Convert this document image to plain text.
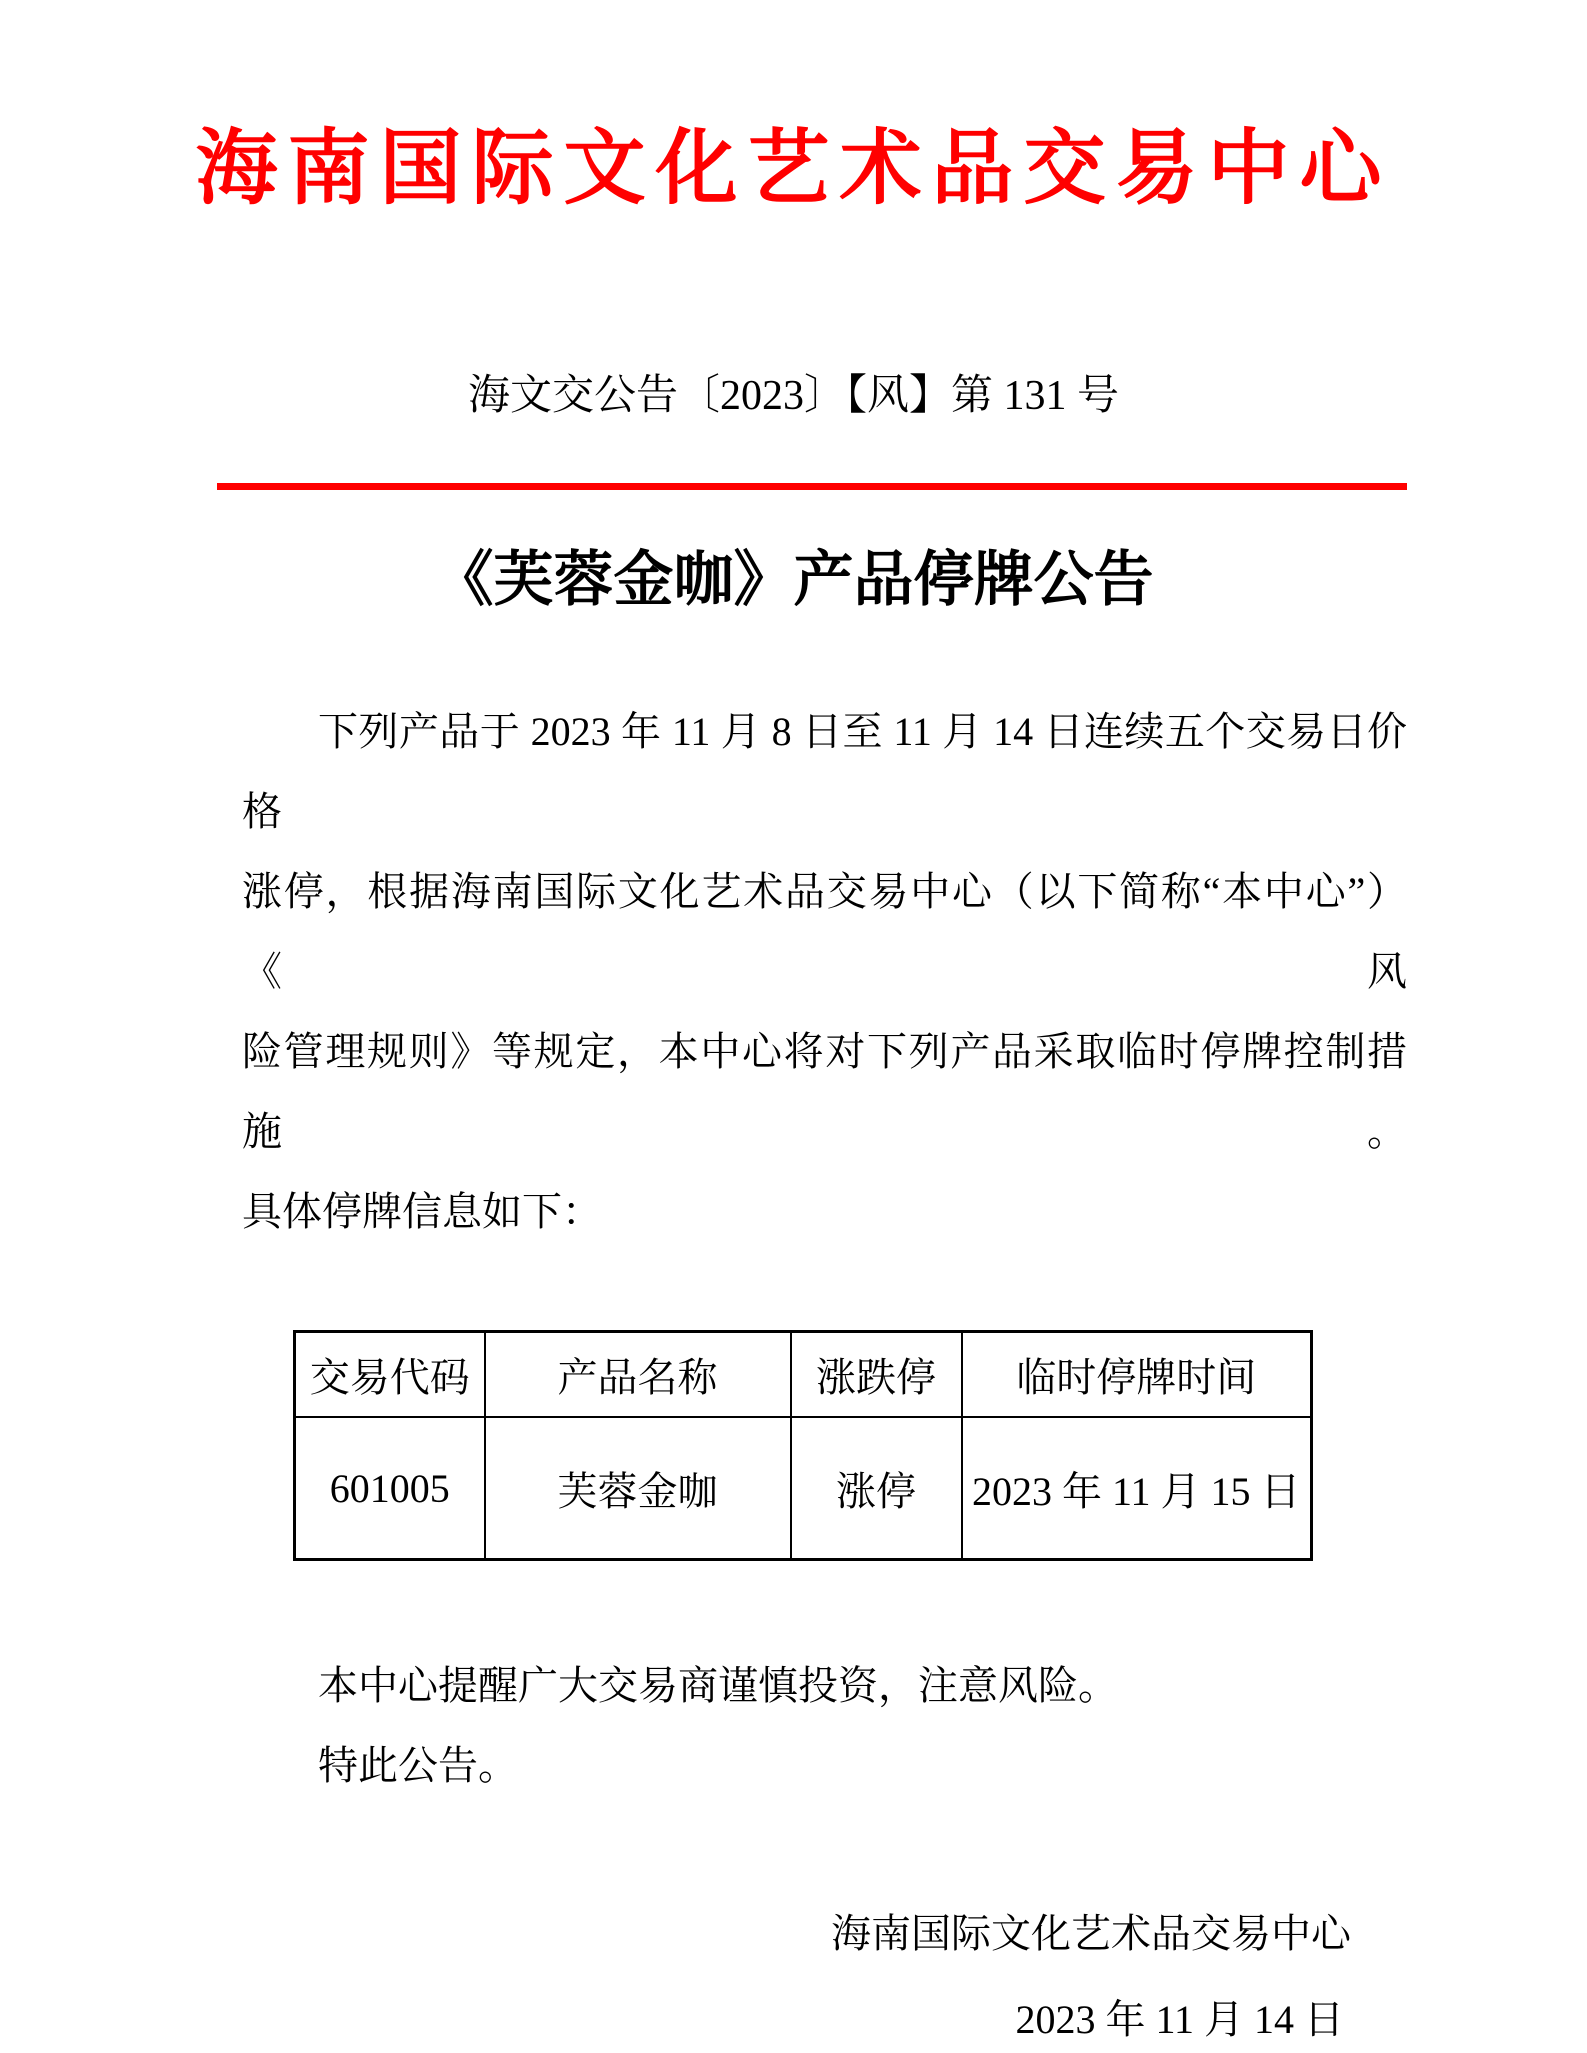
海南国际文化艺术品交易中心
海文交公告〔2023〕【风】第 131 号
《芙蓉金咖》产品停牌公告
下列产品于 2023 年 11 月 8 日至 11 月 14 日连续五个交易日价格
涨停，根据海南国际文化艺术品交易中心（以下简称“本中心”）《风
险管理规则》等规定，本中心将对下列产品采取临时停牌控制措施。
具体停牌信息如下：
交易代码	产品名称	涨跌停	临时停牌时间
601005	芙蓉金咖	涨停	2023 年 11 月 15 日
本中心提醒广大交易商谨慎投资，注意风险。
特此公告。
海南国际文化艺术品交易中心
2023 年 11 月 14 日
